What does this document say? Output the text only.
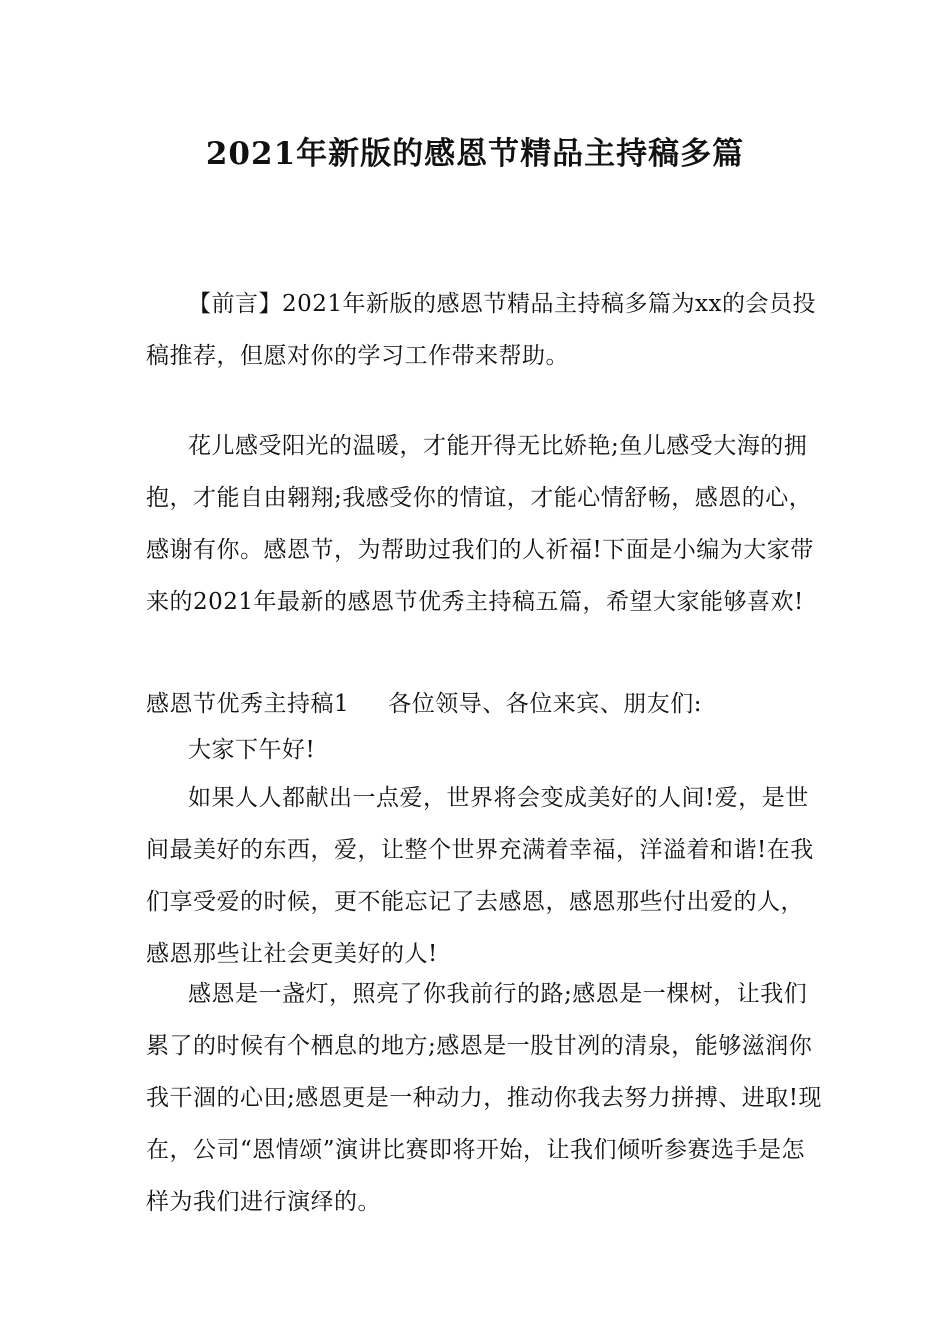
2021年新版的感恩节精品主持稿多篇

【前言】2021年新版的感恩节精品主持稿多篇为xx的会员投稿推荐，但愿对你的学习工作带来帮助。

花儿感受阳光的温暖，才能开得无比娇艳;鱼儿感受大海的拥抱，才能自由翱翔;我感受你的情谊，才能心情舒畅，感恩的心，感谢有你。感恩节，为帮助过我们的人祈福!下面是小编为大家带来的2021年最新的感恩节优秀主持稿五篇，希望大家能够喜欢!

感恩节优秀主持稿1     各位领导、各位来宾、朋友们:

大家下午好!

如果人人都献出一点爱，世界将会变成美好的人间!爱，是世间最美好的东西，爱，让整个世界充满着幸福，洋溢着和谐!在我们享受爱的时候，更不能忘记了去感恩，感恩那些付出爱的人，感恩那些让社会更美好的人!

感恩是一盏灯，照亮了你我前行的路;感恩是一棵树，让我们累了的时候有个栖息的地方;感恩是一股甘冽的清泉，能够滋润你我干涸的心田;感恩更是一种动力，推动你我去努力拼搏、进取!现在，公司“恩情颂”演讲比赛即将开始，让我们倾听参赛选手是怎样为我们进行演绎的。
